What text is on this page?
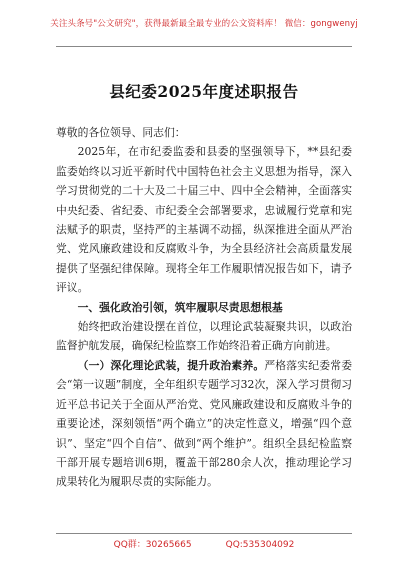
关注头条号"公文研究"，获得最新最全最专业的公文资料库！ 微信：gongwenyj
县纪委2025年度述职报告

尊敬的各位领导、同志们：

2025年，在市纪委监委和县委的坚强领导下，**县纪委监委始终以习近平新时代中国特色社会主义思想为指导，深入学习贯彻党的二十大及二十届三中、四中全会精神，全面落实中央纪委、省纪委、市纪委全会部署要求，忠诚履行党章和宪法赋予的职责，坚持严的主基调不动摇，纵深推进全面从严治党、党风廉政建设和反腐败斗争，为全县经济社会高质量发展提供了坚强纪律保障。现将全年工作履职情况报告如下，请予评议。

一、强化政治引领，筑牢履职尽责思想根基

始终把政治建设摆在首位，以理论武装凝聚共识，以政治监督护航发展，确保纪检监察工作始终沿着正确方向前进。

（一）深化理论武装，提升政治素养。严格落实纪委常委会“第一议题”制度，全年组织专题学习32次，深入学习贯彻习近平总书记关于全面从严治党、党风廉政建设和反腐败斗争的重要论述，深刻领悟“两个确立”的决定性意义，增强“四个意识”、坚定“四个自信”、做到“两个维护”。组织全县纪检监察干部开展专题培训6期，覆盖干部280余人次，推动理论学习成果转化为履职尽责的实际能力。

QQ群：30265665	QQ:535304092
